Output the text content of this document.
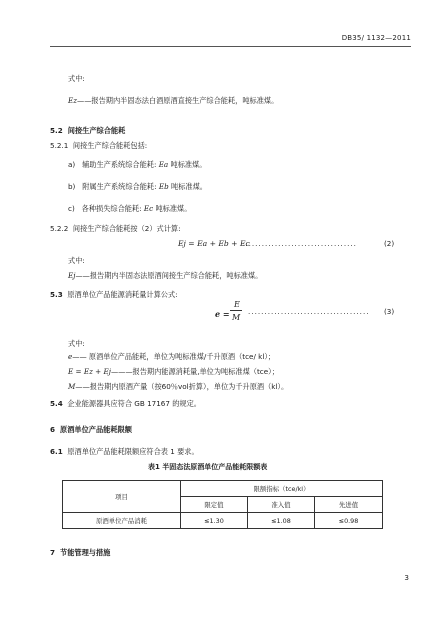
DB35/ 1132—2011
式中:
Ez——报告期内半固态法白酒原酒直接生产综合能耗，吨标准煤。
5.2 间接生产综合能耗
5.2.1 间接生产综合能耗包括:
a) 辅助生产系统综合能耗: Ea 吨标准煤。
b) 附属生产系统综合能耗: Eb 吨标准煤。
c) 各种损失综合能耗: Ec 吨标准煤。
5.2.2 间接生产综合能耗按（2）式计算:
Ej = Ea + Eb + Ec
...................................	(2)
式中:
Ej——报告期内半固态法原酒间接生产综合能耗，吨标准煤。
5.3 原酒单位产品能源消耗量计算公式:
e =
E
M
..................................... (3)
式中:
e—— 原酒单位产品能耗，单位为吨标准煤/千升原酒（tce/ kl）；
E = Ez + Ej———报告期内能源消耗量,单位为吨标准煤（tce）；
M——报告期内原酒产量（按60％vol折算），单位为千升原酒（kl）。
5.4 企业能源器具应符合 GB 17167 的规定。
6 原酒单位产品能耗限额
6.1 原酒单位产品能耗限额应符合表 1 要求。
表1 半固态法原酒单位产品能耗限额表
项目	限额指标（tce/kl）		
	限定值	准入值	先进值
原酒单位产品消耗	≤1.30	≤1.08	≤0.98
7 节能管理与措施
3
